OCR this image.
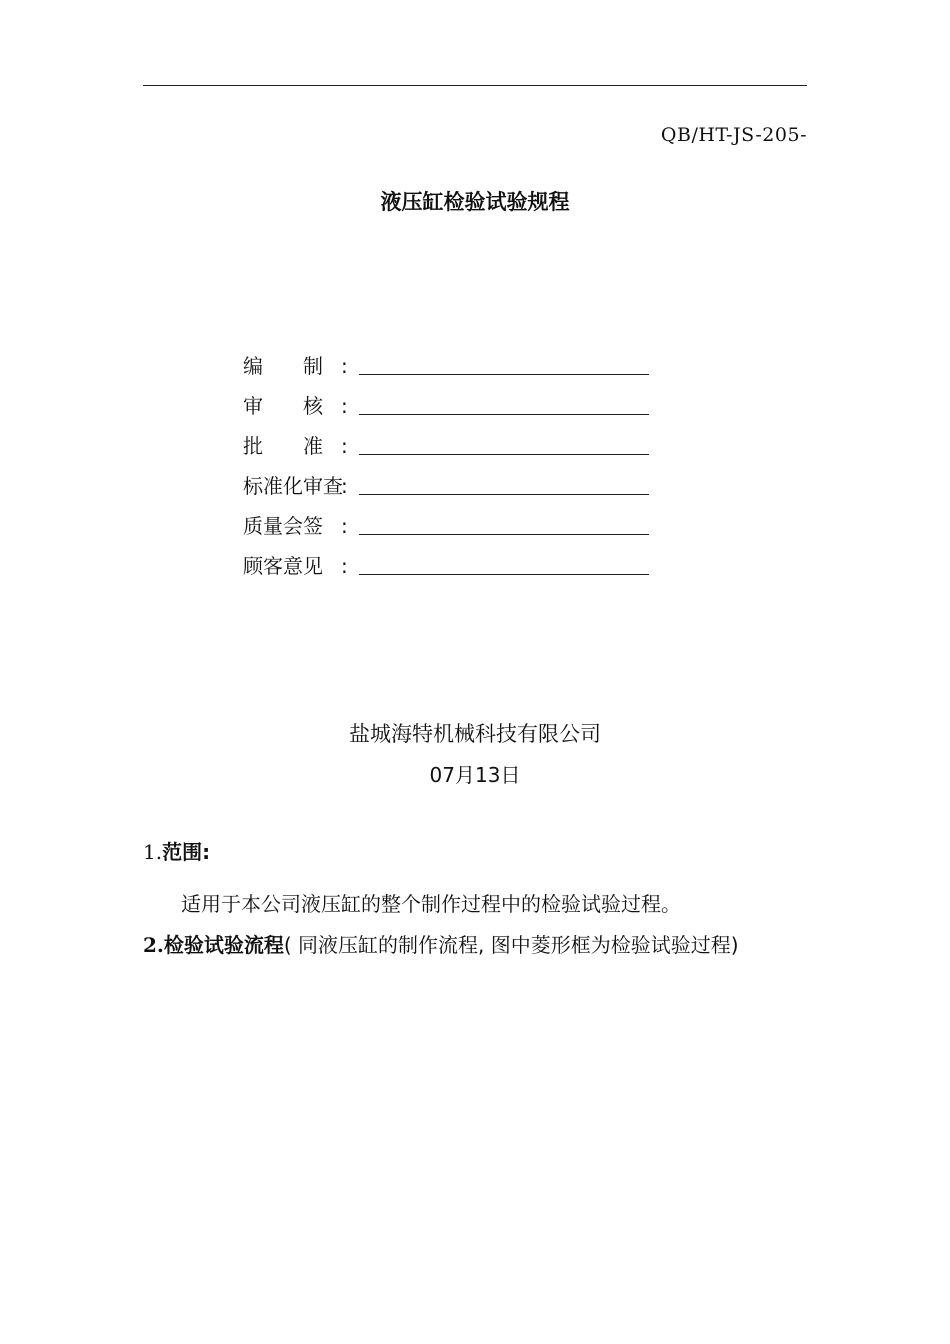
QB/HT-JS-205-
液压缸检验试验规程
编　　制 :
审　　核 :
批　　准 :
标准化审查
:
质量会签 :
顾客意见 :
盐城海特机械科技有限公司
07月13日
1.范围:
适用于本公司液压缸的整个制作过程中的检验试验过程。
2.检验试验流程( 同液压缸的制作流程, 图中菱形框为检验试验过程)
